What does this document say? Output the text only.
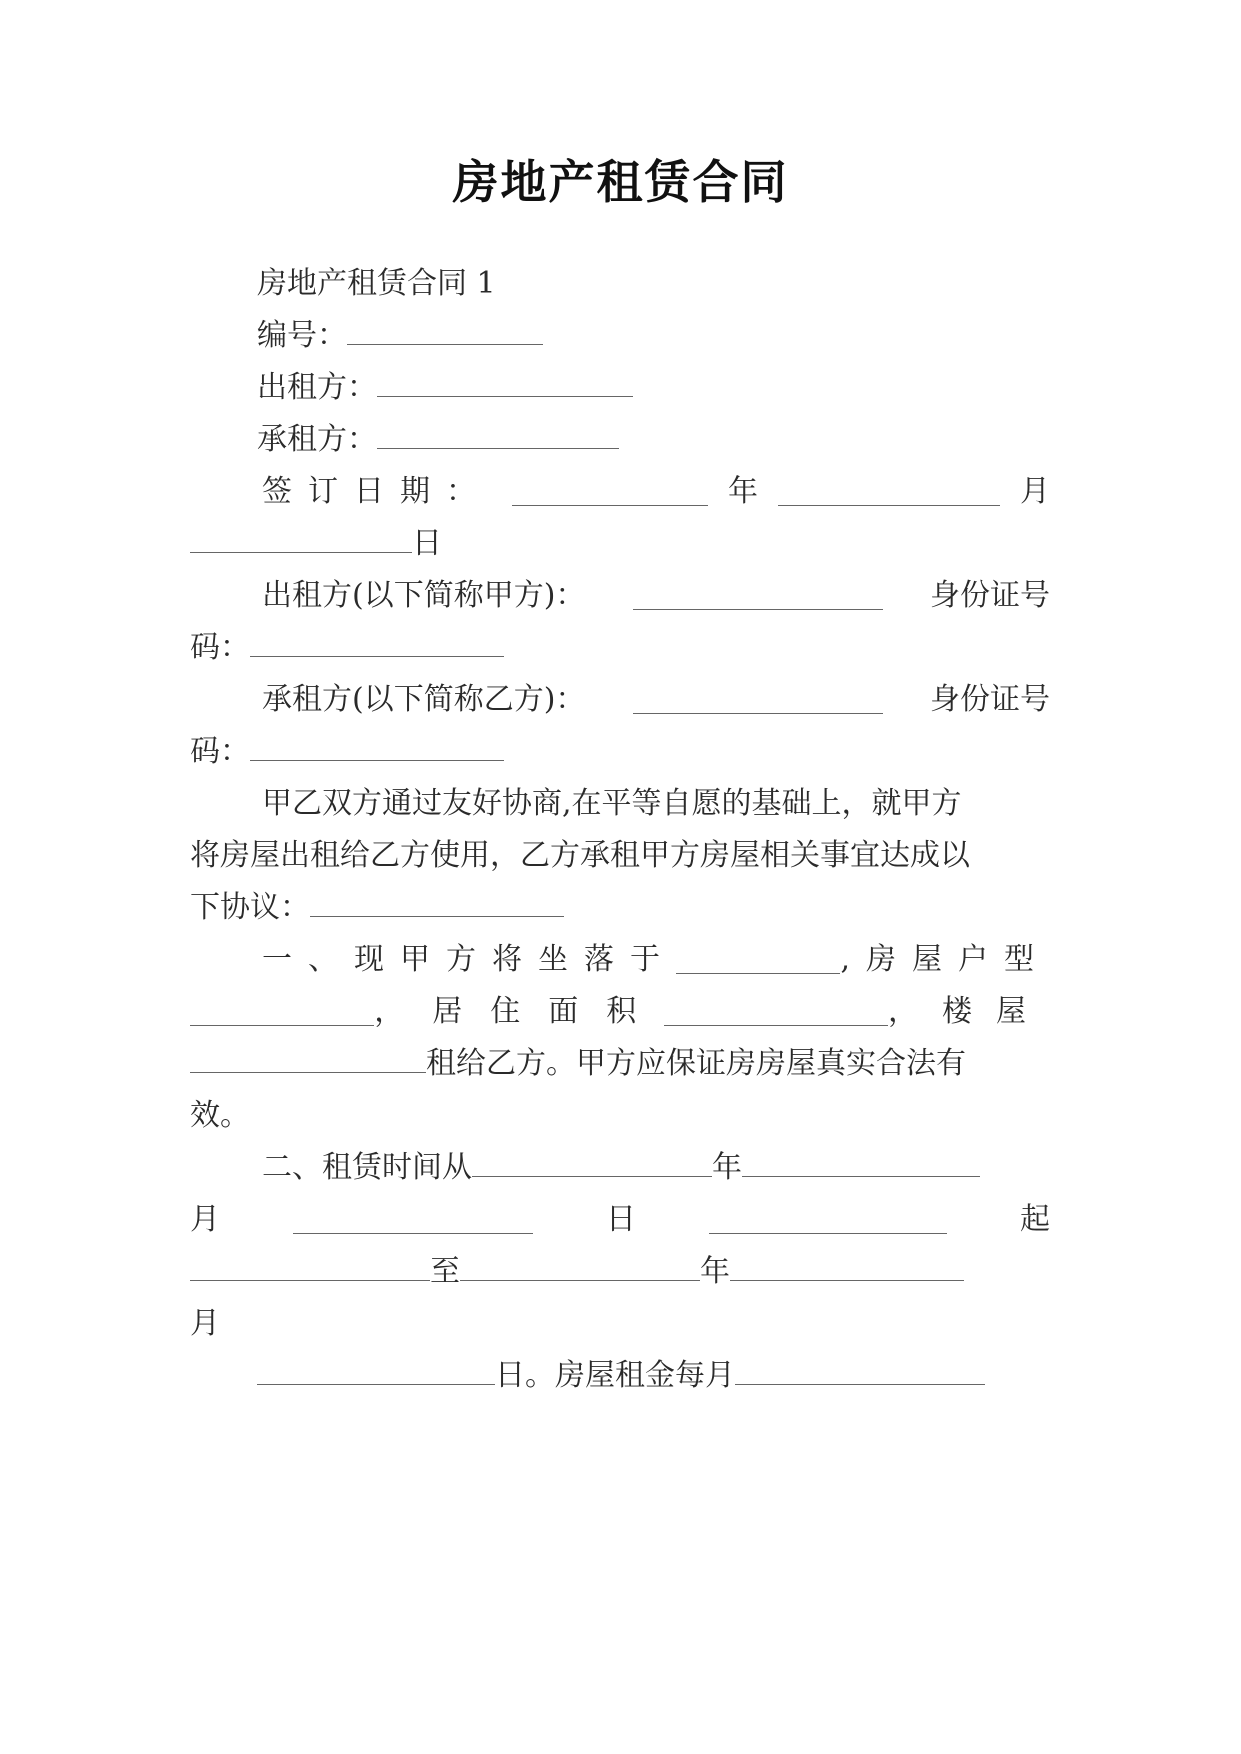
房地产租赁合同
房地产租赁合同 1
编号：
出租方：
承租方：
签订日期：	年	月
日
出租方(以下简称甲方)：	身份证号
码：
承租方(以下简称乙方)：	身份证号
码：
甲乙双方通过友好协商,在平等自愿的基础上，就甲方
将房屋出租给乙方使用，乙方承租甲方房屋相关事宜达成以
下协议：
一、现甲方将坐落于	,房屋户型
，居住面积	，楼屋
租给乙方。甲方应保证房房屋真实合法有
效。
二、租赁时间从	年
月	日	起
至	年
月
日。房屋租金每月
